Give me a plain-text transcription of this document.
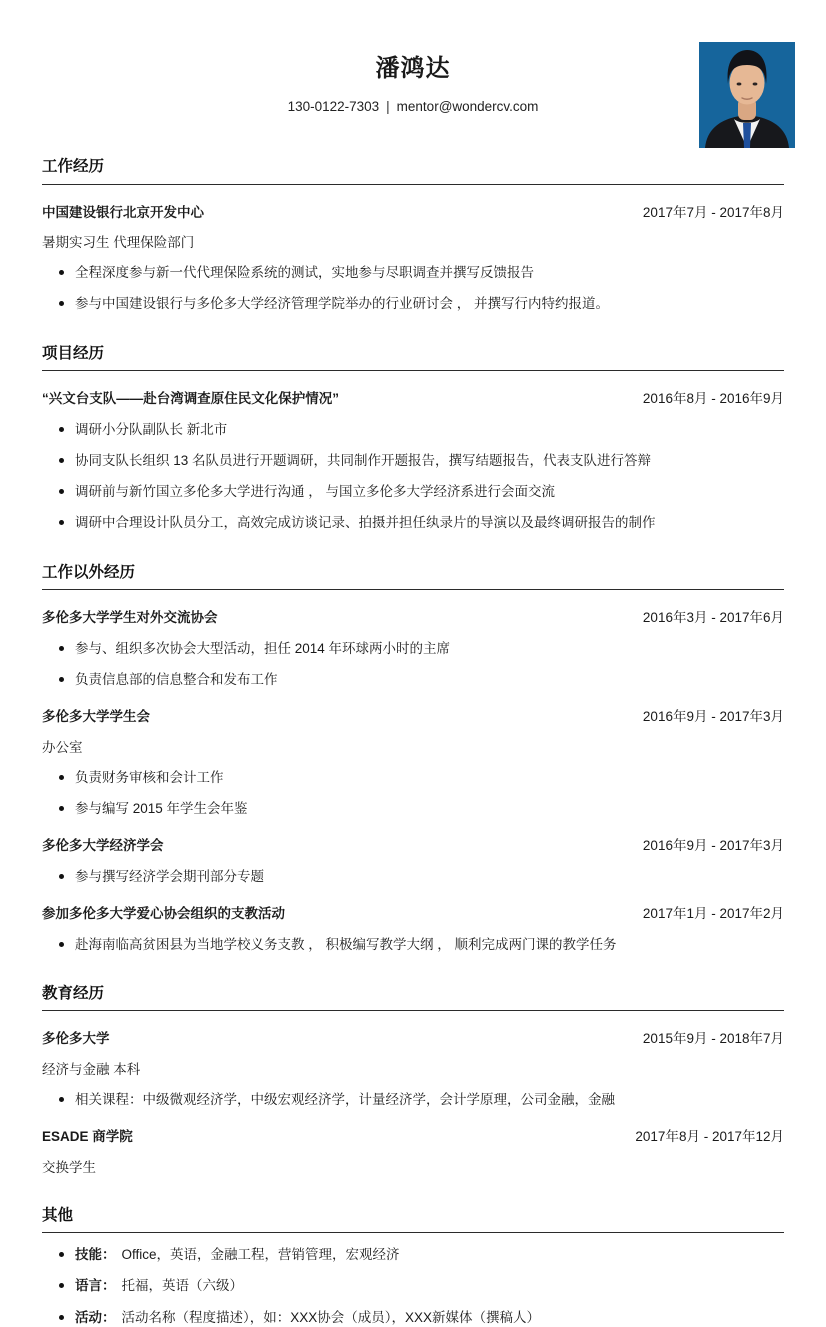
潘鸿达
130-0122-7303 | mentor@wondercv.com
工作经历
中国建设银行北京开发中心	2017年7月 - 2017年8月
暑期实习生 代理保险部门
全程深度参与新一代代理保险系统的测试，实地参与尽职调查并撰写反馈报告
参与中国建设银行与多伦多大学经济管理学院举办的行业研讨会 ， 并撰写行内特约报道。
项目经历
“兴文台支队——赴台湾调查原住民文化保护情况”	2016年8月 - 2016年9月
调研小分队副队长 新北市
协同支队长组织 13 名队员进行开题调研，共同制作开题报告，撰写结题报告，代表支队进行答辩
调研前与新竹国立多伦多大学进行沟通 ， 与国立多伦多大学经济系进行会面交流
调研中合理设计队员分工，高效完成访谈记录、拍摄并担任纨录片的导演以及最终调研报告的制作
工作以外经历
多伦多大学学生对外交流协会	2016年3月 - 2017年6月
参与、组织多次协会大型活动，担任 2014 年环球两小时的主席
负责信息部的信息整合和发布工作
多伦多大学学生会	2016年9月 - 2017年3月
办公室
负责财务审核和会计工作
参与编写 2015 年学生会年鉴
多伦多大学经济学会	2016年9月 - 2017年3月
参与撰写经济学会期刊部分专题
参加多伦多大学爱心协会组织的支教活动	2017年1月 - 2017年2月
赴海南临高贫困县为当地学校义务支教 ， 积极编写教学大纲 ， 顺利完成两门课的教学任务
教育经历
多伦多大学	2015年9月 - 2018年7月
经济与金融 本科
相关课程：中级微观经济学，中级宏观经济学，计量经济学，会计学原理，公司金融，金融
ESADE 商学院	2017年8月 - 2017年12月
交换学生
其他
技能： Office，英语，金融工程，营销管理，宏观经济
语言： 托福，英语（六级）
活动： 活动名称（程度描述），如：XXX协会（成员），XXX新媒体（撰稿人）
